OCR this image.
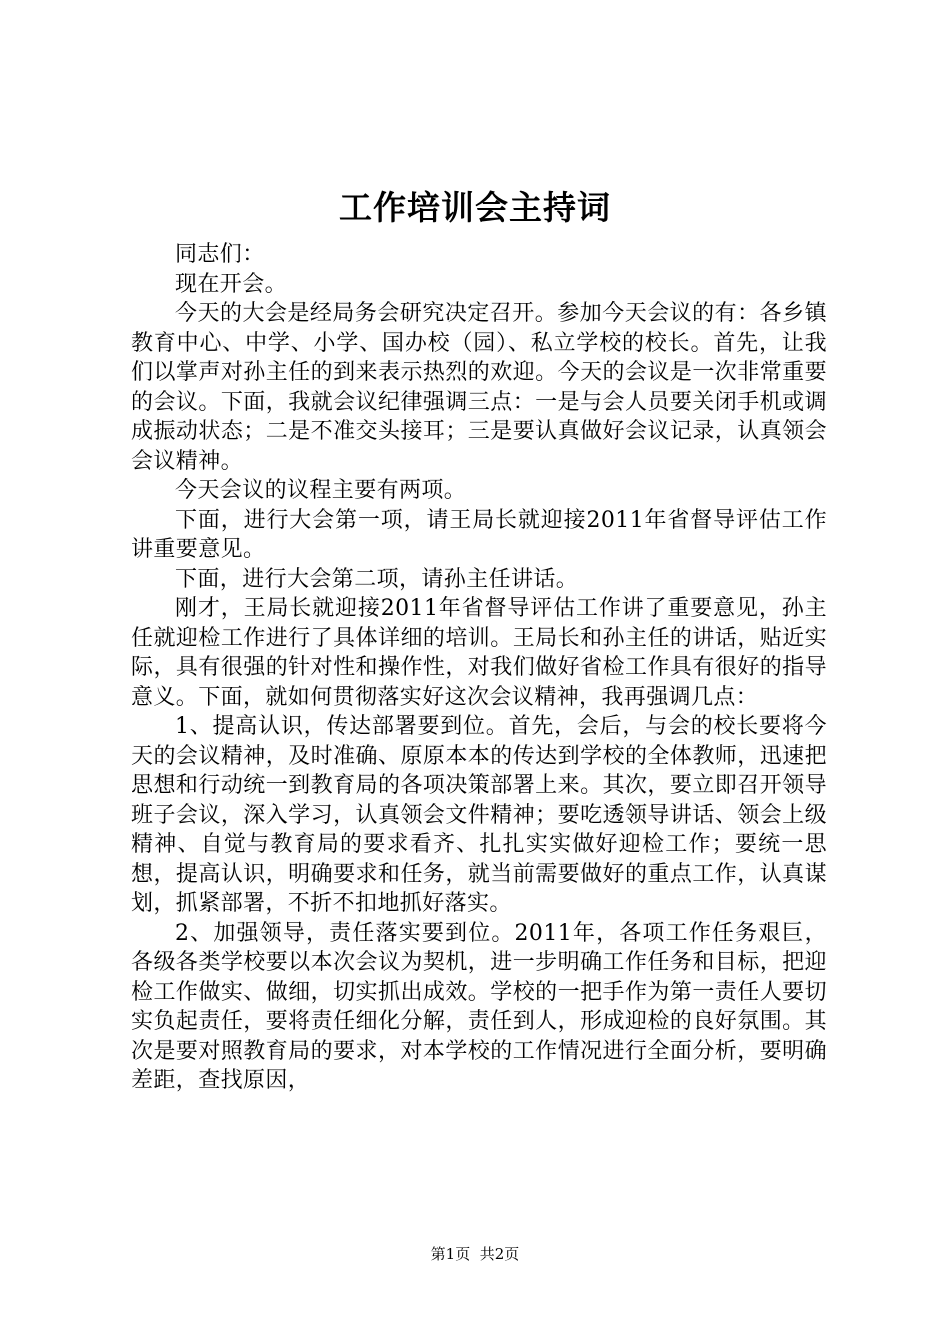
工作培训会主持词

同志们：

现在开会。

今天的大会是经局务会研究决定召开。参加今天会议的有：各乡镇教育中心、中学、小学、国办校（园）、私立学校的校长。首先，让我们以掌声对孙主任的到来表示热烈的欢迎。今天的会议是一次非常重要的会议。下面，我就会议纪律强调三点：一是与会人员要关闭手机或调成振动状态；二是不准交头接耳；三是要认真做好会议记录，认真领会会议精神。

今天会议的议程主要有两项。

下面，进行大会第一项，请王局长就迎接2011年省督导评估工作讲重要意见。

下面，进行大会第二项，请孙主任讲话。

刚才，王局长就迎接2011年省督导评估工作讲了重要意见，孙主任就迎检工作进行了具体详细的培训。王局长和孙主任的讲话，贴近实际，具有很强的针对性和操作性，对我们做好省检工作具有很好的指导意义。下面，就如何贯彻落实好这次会议精神，我再强调几点：

1、提高认识，传达部署要到位。首先，会后，与会的校长要将今天的会议精神，及时准确、原原本本的传达到学校的全体教师，迅速把思想和行动统一到教育局的各项决策部署上来。其次，要立即召开领导班子会议，深入学习，认真领会文件精神；要吃透领导讲话、领会上级精神、自觉与教育局的要求看齐、扎扎实实做好迎检工作；要统一思想，提高认识，明确要求和任务，就当前需要做好的重点工作，认真谋划，抓紧部署，不折不扣地抓好落实。

2、加强领导，责任落实要到位。2011年，各项工作任务艰巨，各级各类学校要以本次会议为契机，进一步明确工作任务和目标，把迎检工作做实、做细，切实抓出成效。学校的一把手作为第一责任人要切实负起责任，要将责任细化分解，责任到人，形成迎检的良好氛围。其次是要对照教育局的要求，对本学校的工作情况进行全面分析，要明确差距，查找原因，

第1页 共2页
